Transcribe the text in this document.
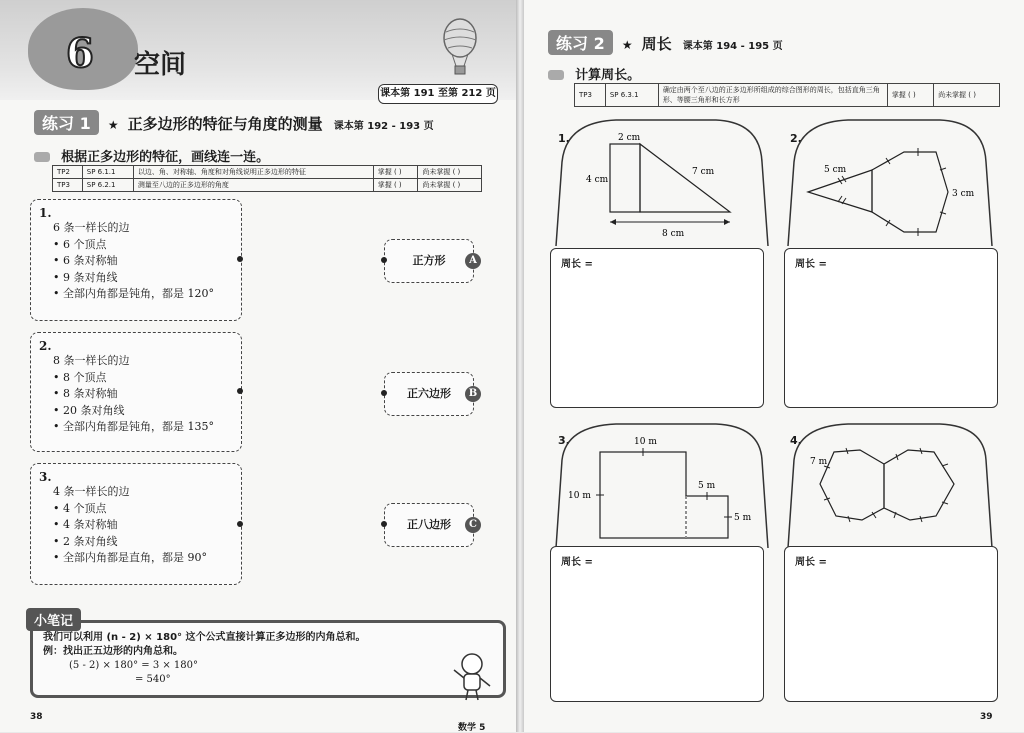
6 空间
课本第 191 至第 212 页
练习 1 ★ 正多边形的特征与角度的测量 课本第 192 - 193 页
根据正多边形的特征，画线连一连。
TP2	SP 6.1.1	以边、角、对称轴、角度和对角线说明正多边形的特征	掌握 ( )	尚未掌握 ( )
TP3	SP 6.2.1	测量至八边的正多边形的角度	掌握 ( )	尚未掌握 ( )
1.
6 条一样长的边
• 6 个顶点
• 6 条对称轴
• 9 条对角线
• 全部内角都是钝角，都是 120°
2.
8 条一样长的边
• 8 个顶点
• 8 条对称轴
• 20 条对角线
• 全部内角都是钝角，都是 135°
3.
4 条一样长的边
• 4 个顶点
• 4 条对称轴
• 2 条对角线
• 全部内角都是直角，都是 90°
正方形	A
正六边形	B
正八边形	C
我们可以利用 (n - 2) × 180° 这个公式直接计算正多边形的内角总和。
例：找出正五边形的内角总和。
(5 - 2) × 180° = 3 × 180°
= 540°
小笔记
38
数学 5
练习 2 ★ 周长 课本第 194 - 195 页
计算周长。
TP3	SP 6.3.1	确定由两个至八边的正多边形所组成的综合图形的周长，包括直角三角形、等腰三角形和长方形	掌握 ( )	尚未掌握 ( )
1.	2 cm
4 cm
7 cm
8 cm
周长 =
2.
5 cm
3 cm
周长 =
3.	10 m
10 m
5 m
5 m
周长 =
4.
7 m
周长 =
39
